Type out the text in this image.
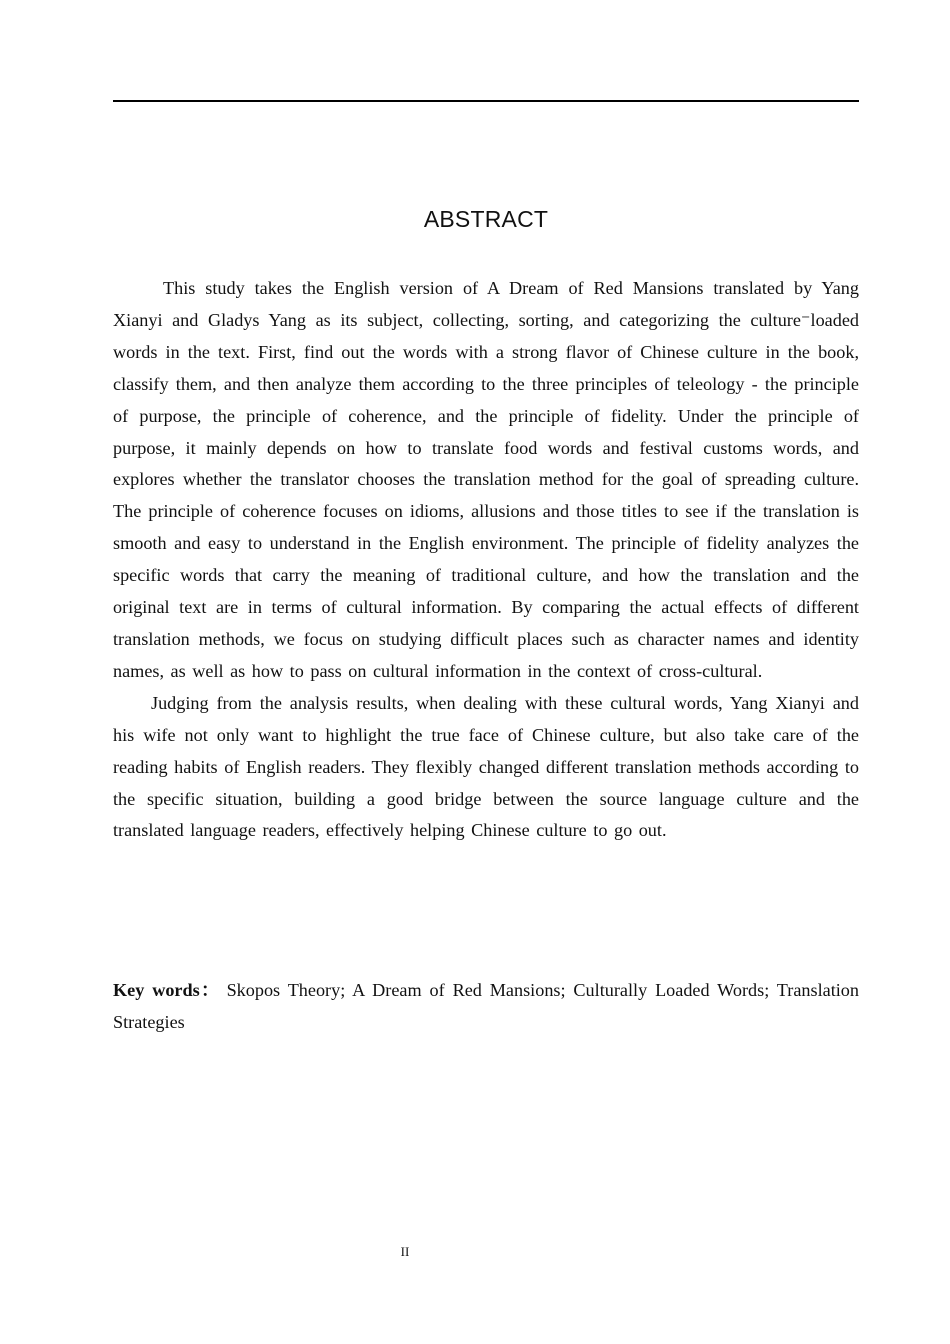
ABSTRACT

This study takes the English version of A Dream of Red Mansions translated by Yang Xianyi and Gladys Yang as its subject, collecting, sorting, and categorizing the culture⁻loaded words in the text. First, find out the words with a strong flavor of Chinese culture in the book, classify them, and then analyze them according to the three principles of teleology - the principle of purpose, the principle of coherence, and the principle of fidelity. Under the principle of purpose, it mainly depends on how to translate food words and festival customs words, and explores whether the translator chooses the translation method for the goal of spreading culture. The principle of coherence focuses on idioms, allusions and those titles to see if the translation is smooth and easy to understand in the English environment. The principle of fidelity analyzes the specific words that carry the meaning of traditional culture, and how the translation and the original text are in terms of cultural information. By comparing the actual effects of different translation methods, we focus on studying difficult places such as character names and identity names, as well as how to pass on cultural information in the context of cross-cultural.

Judging from the analysis results, when dealing with these cultural words, Yang Xianyi and his wife not only want to highlight the true face of Chinese culture, but also take care of the reading habits of English readers. They flexibly changed different translation methods according to the specific situation, building a good bridge between the source language culture and the translated language readers, effectively helping Chinese culture to go out.

Key words： Skopos Theory; A Dream of Red Mansions; Culturally Loaded Words; Translation Strategies

II
